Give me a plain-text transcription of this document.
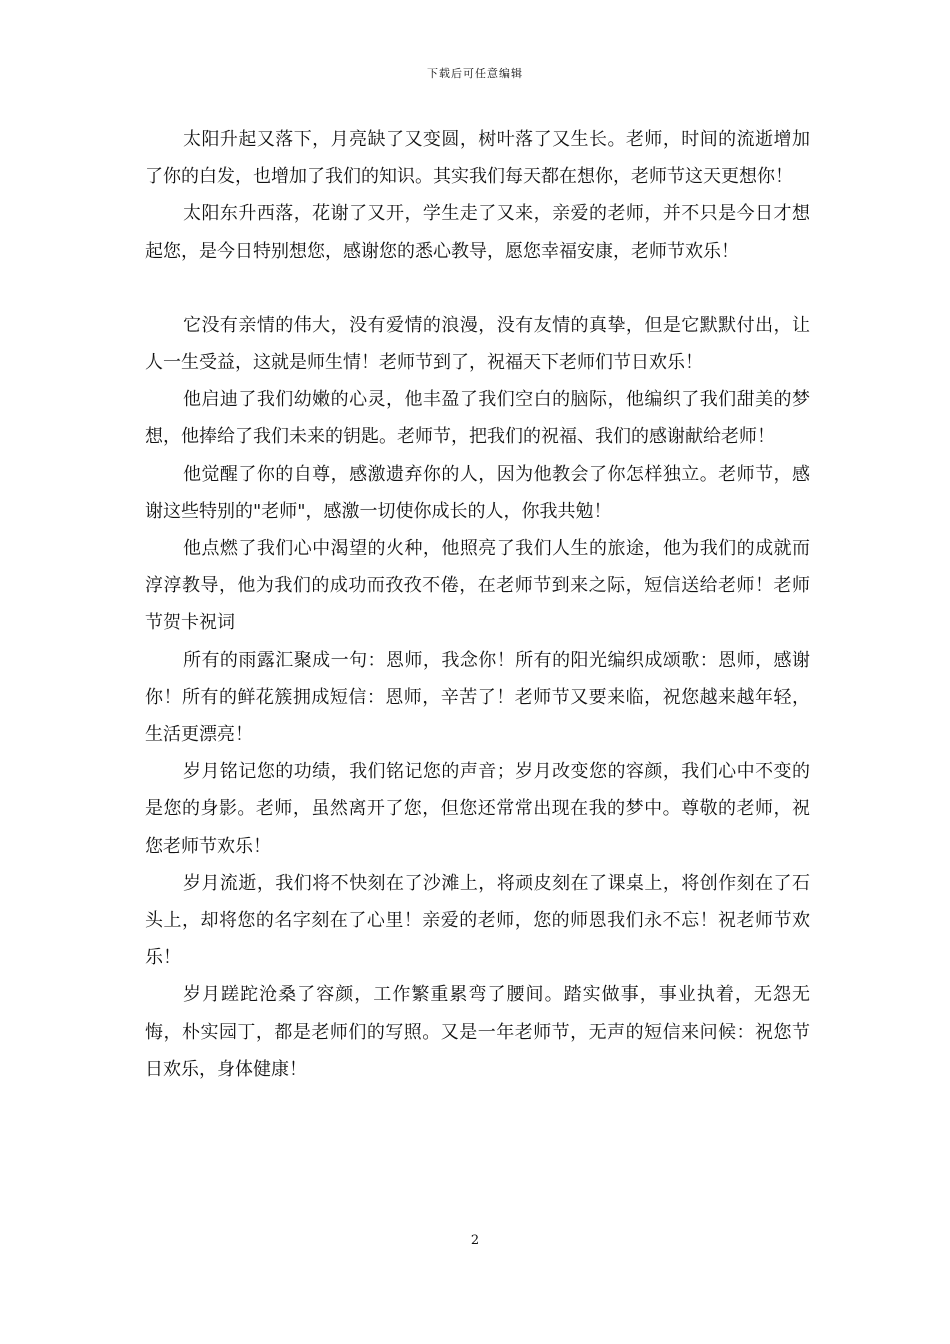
下载后可任意编辑

太阳升起又落下，月亮缺了又变圆，树叶落了又生长。老师，时间的流逝增加了你的白发，也增加了我们的知识。其实我们每天都在想你，老师节这天更想你！

太阳东升西落，花谢了又开，学生走了又来，亲爱的老师，并不只是今日才想起您，是今日特别想您，感谢您的悉心教导，愿您幸福安康，老师节欢乐！

它没有亲情的伟大，没有爱情的浪漫，没有友情的真挚，但是它默默付出，让人一生受益，这就是师生情！老师节到了，祝福天下老师们节日欢乐！

他启迪了我们幼嫩的心灵，他丰盈了我们空白的脑际，他编织了我们甜美的梦想，他捧给了我们未来的钥匙。老师节，把我们的祝福、我们的感谢献给老师！

他觉醒了你的自尊，感激遗弃你的人，因为他教会了你怎样独立。老师节，感谢这些特别的"老师"，感激一切使你成长的人，你我共勉！

他点燃了我们心中渴望的火种，他照亮了我们人生的旅途，他为我们的成就而淳淳教导，他为我们的成功而孜孜不倦，在老师节到来之际，短信送给老师！老师节贺卡祝词

所有的雨露汇聚成一句：恩师，我念你！所有的阳光编织成颂歌：恩师，感谢你！所有的鲜花簇拥成短信：恩师，辛苦了！老师节又要来临，祝您越来越年轻，生活更漂亮！

岁月铭记您的功绩，我们铭记您的声音；岁月改变您的容颜，我们心中不变的是您的身影。老师，虽然离开了您，但您还常常出现在我的梦中。尊敬的老师，祝您老师节欢乐！

岁月流逝，我们将不快刻在了沙滩上，将顽皮刻在了课桌上，将创作刻在了石头上，却将您的名字刻在了心里！亲爱的老师，您的师恩我们永不忘！祝老师节欢乐！

岁月蹉跎沧桑了容颜，工作繁重累弯了腰间。踏实做事，事业执着，无怨无悔，朴实园丁，都是老师们的写照。又是一年老师节，无声的短信来问候：祝您节日欢乐，身体健康！

2
